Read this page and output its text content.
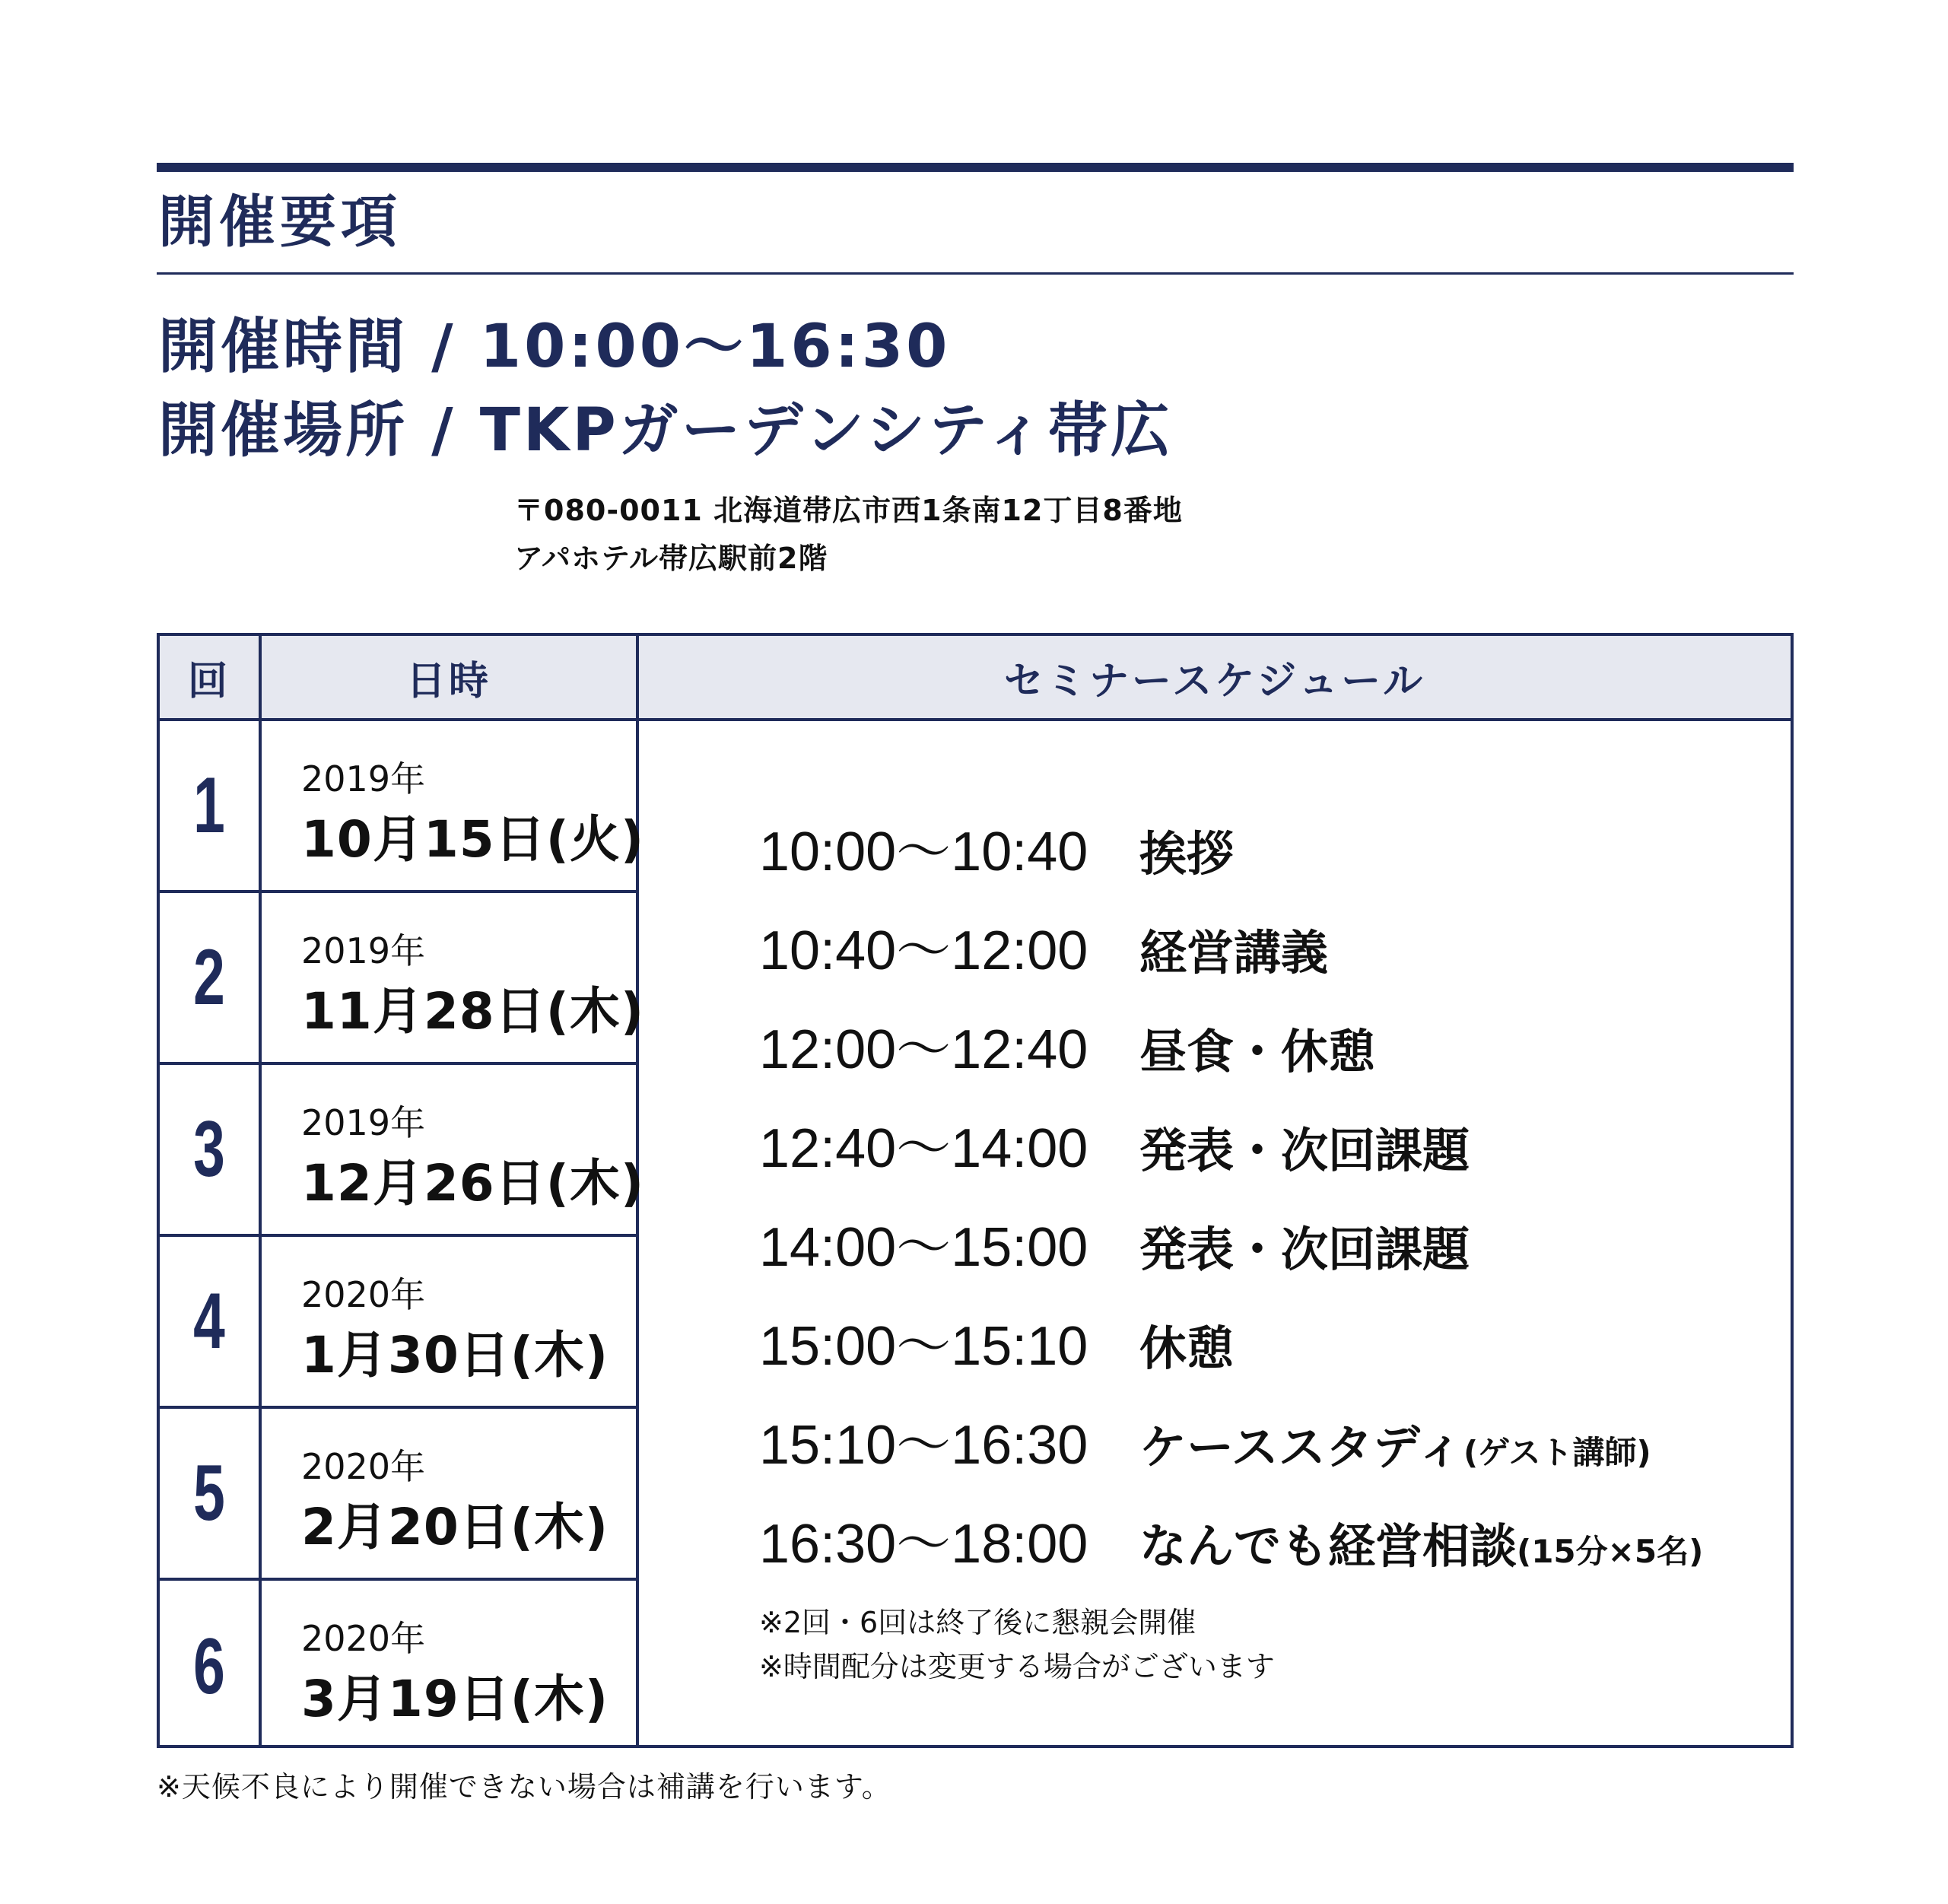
開催要項
開催時間 / 10:00〜16:30
開催場所 / TKPガーデンシティ帯広
〒080-0011 北海道帯広市西1条南12丁目8番地
アパホテル帯広駅前2階
回	日時	セミナースケジュール
1	2019年
10月15日(火)
2	2019年
11月28日(木)
3	2019年
12月26日(木)
4	2020年
1月30日(木)
5	2020年
2月20日(木)
6	2020年
3月19日(木)
10:00〜10:40	挨拶
10:40〜12:00	経営講義
12:00〜12:40	昼食・休憩
12:40〜14:00	発表・次回課題
14:00〜15:00	発表・次回課題
15:00〜15:10	休憩
15:10〜16:30	ケーススタディ (ゲスト講師)
16:30〜18:00	なんでも経営相談 (15分×5名)
※2回・6回は終了後に懇親会開催
※時間配分は変更する場合がございます
※天候不良により開催できない場合は補講を行います。
